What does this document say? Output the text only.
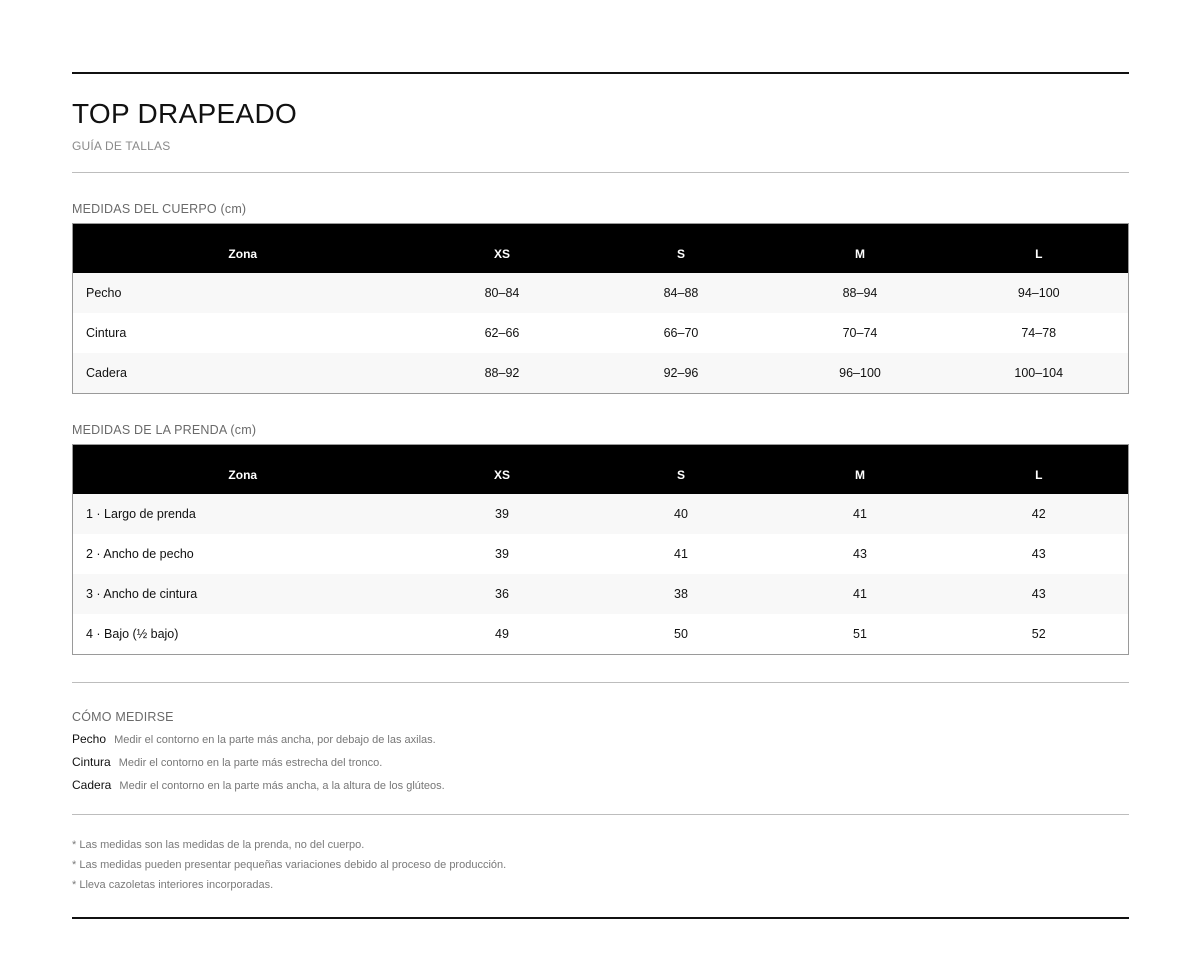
TOP DRAPEADO
GUÍA DE TALLAS
MEDIDAS DEL CUERPO (cm)
Zona	XS	S	M	L
Pecho	80–84	84–88	88–94	94–100
Cintura	62–66	66–70	70–74	74–78
Cadera	88–92	92–96	96–100	100–104
MEDIDAS DE LA PRENDA (cm)
Zona	XS	S	M	L
1 · Largo de prenda	39	40	41	42
2 · Ancho de pecho	39	41	43	43
3 · Ancho de cintura	36	38	41	43
4 · Bajo (½ bajo)	49	50	51	52
CÓMO MEDIRSE
Pecho Medir el contorno en la parte más ancha, por debajo de las axilas.
Cintura Medir el contorno en la parte más estrecha del tronco.
Cadera Medir el contorno en la parte más ancha, a la altura de los glúteos.
* Las medidas son las medidas de la prenda, no del cuerpo.
* Las medidas pueden presentar pequeñas variaciones debido al proceso de producción.
* Lleva cazoletas interiores incorporadas.
